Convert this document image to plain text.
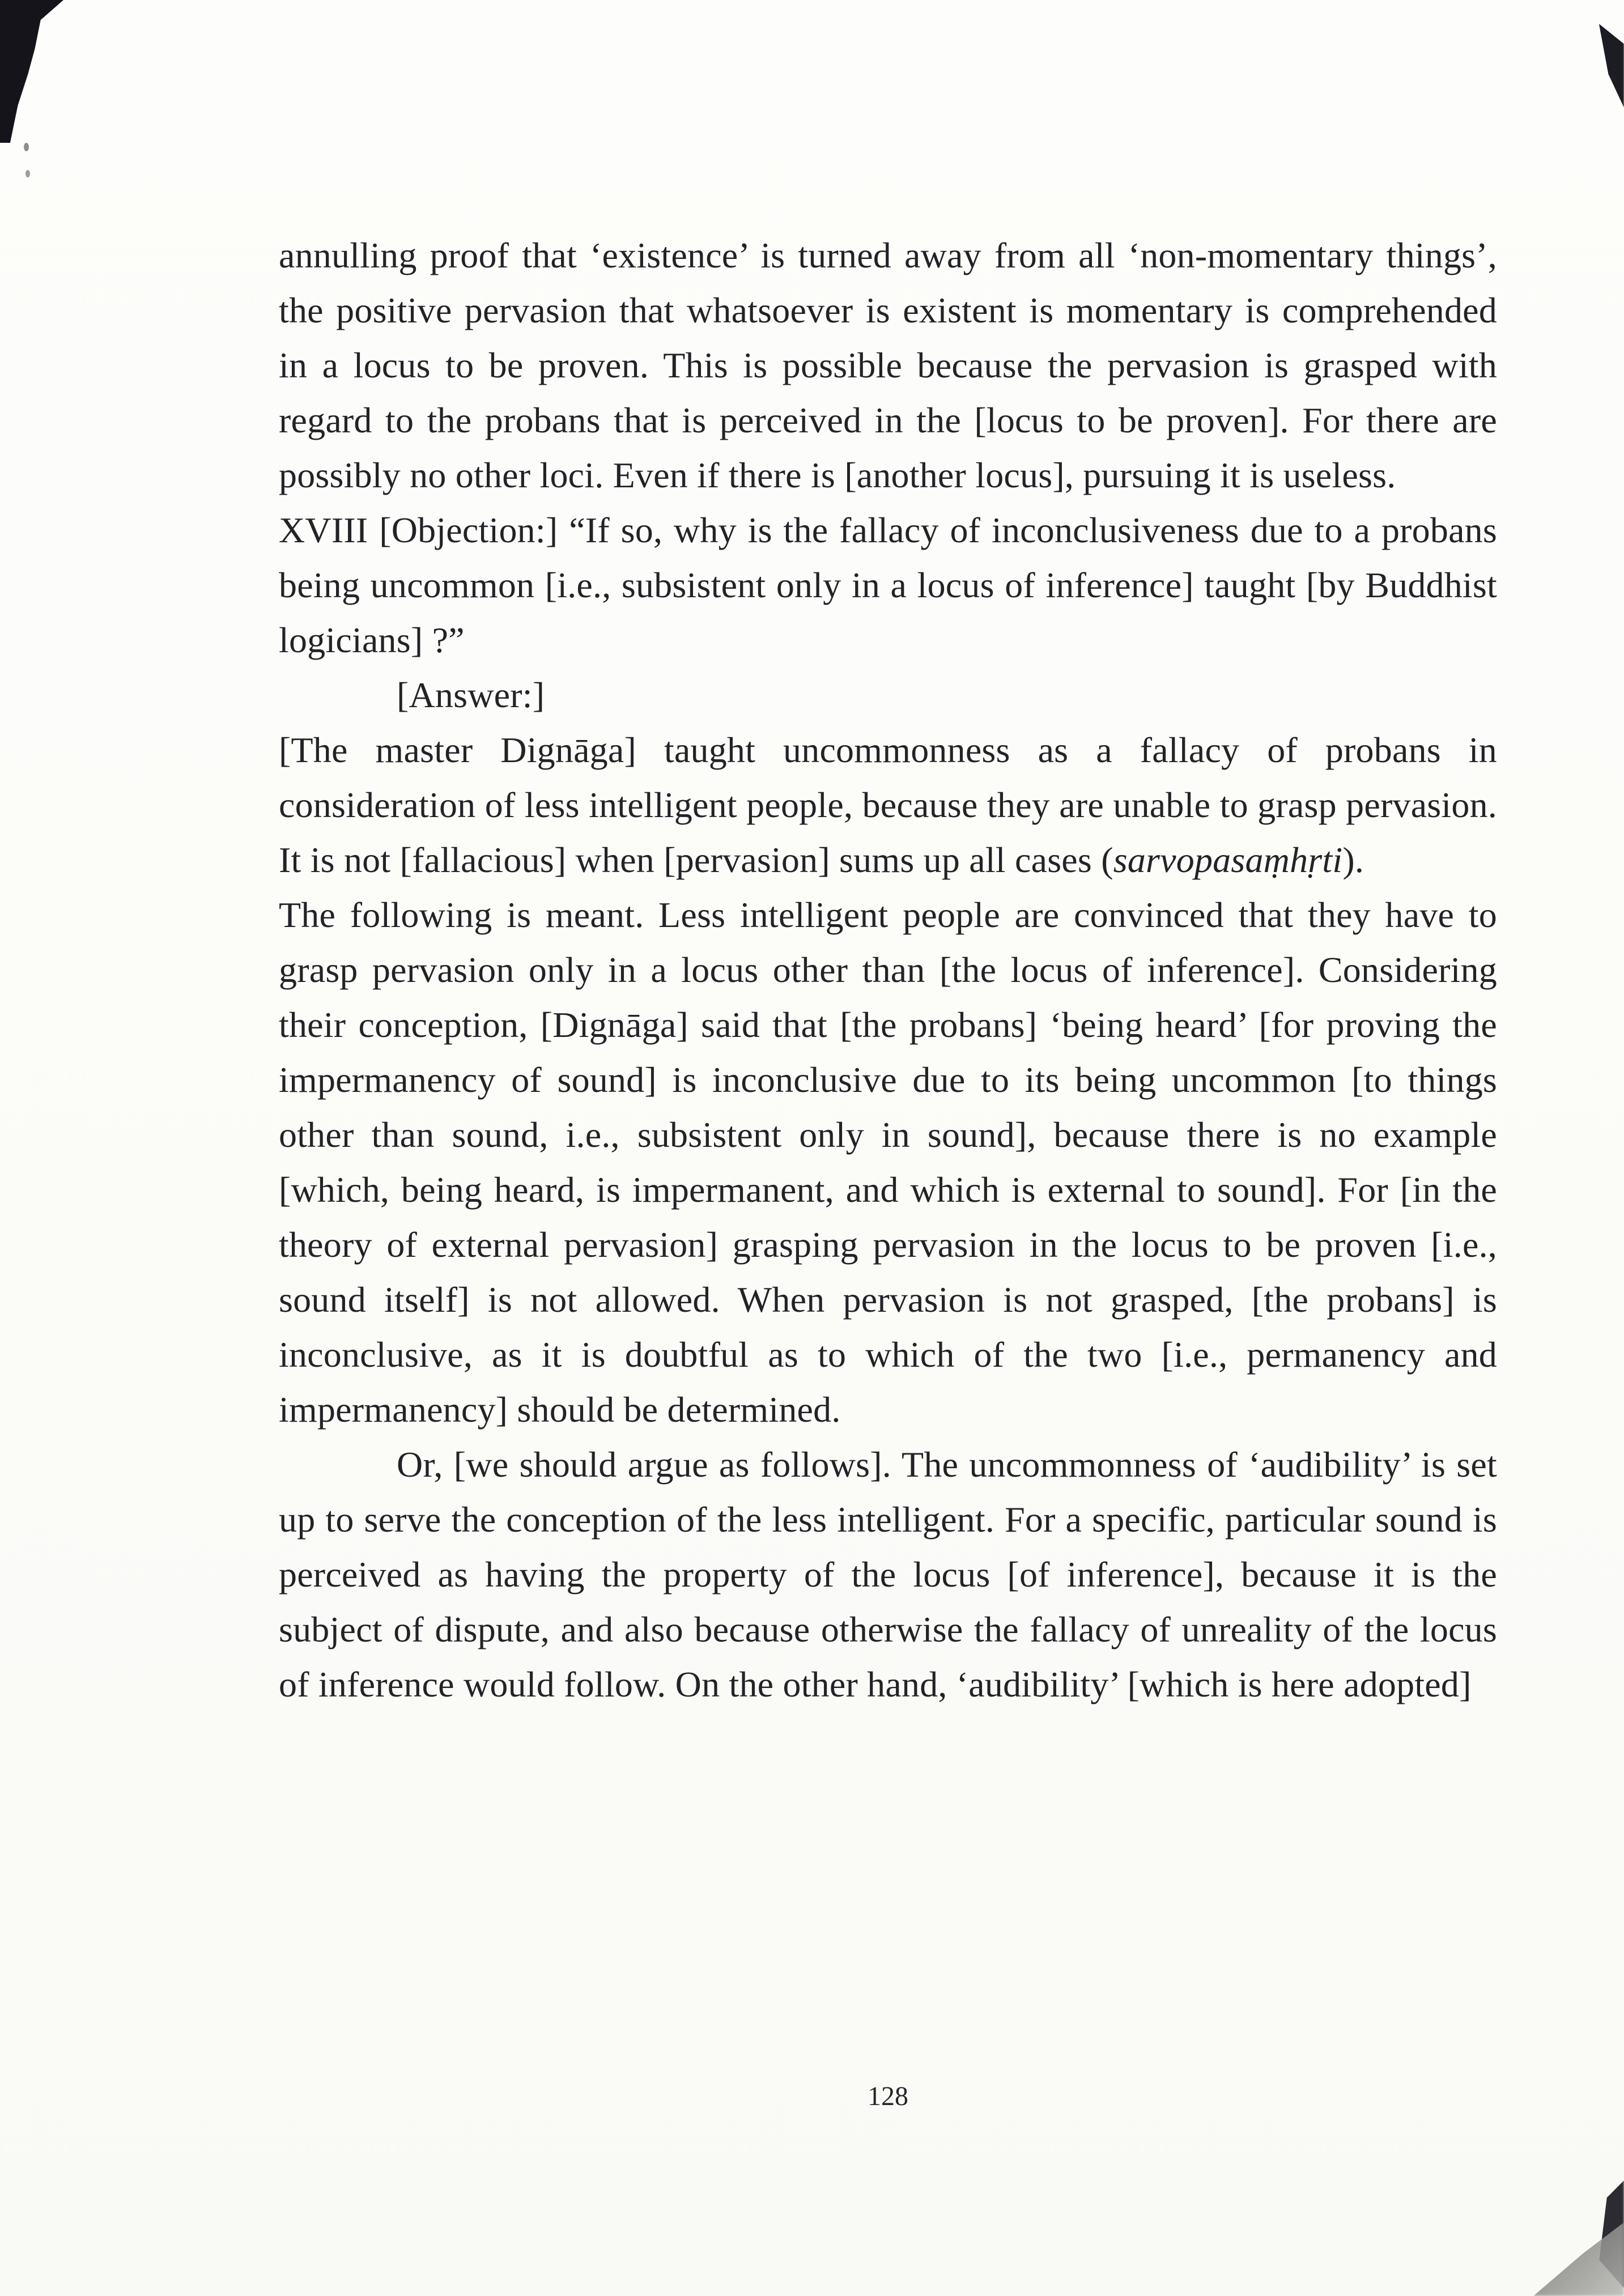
annulling proof that ‘existence’ is turned away from all ‘non-momentary things’, the positive pervasion that whatsoever is existent is momentary is comprehended in a locus to be proven. This is possible because the pervasion is grasped with regard to the probans that is perceived in the [locus to be proven]. For there are possibly no other loci. Even if there is [another locus], pursuing it is useless.

XVIII [Objection:] “If so, why is the fallacy of inconclusiveness due to a probans being uncommon [i.e., subsistent only in a locus of inference] taught [by Buddhist logicians] ?”

[Answer:]

[The master Dignāga] taught uncommonness as a fallacy of probans in consideration of less intelligent people, because they are unable to grasp pervasion. It is not [fallacious] when [pervasion] sums up all cases (sarvopasaṃhṛti).

The following is meant. Less intelligent people are convinced that they have to grasp pervasion only in a locus other than [the locus of inference]. Considering their conception, [Dignāga] said that [the probans] ‘being heard’ [for proving the impermanency of sound] is inconclusive due to its being uncommon [to things other than sound, i.e., subsistent only in sound], because there is no example [which, being heard, is impermanent, and which is external to sound]. For [in the theory of external pervasion] grasping pervasion in the locus to be proven [i.e., sound itself] is not allowed. When pervasion is not grasped, [the probans] is inconclusive, as it is doubtful as to which of the two [i.e., permanency and impermanency] should be determined.

Or, [we should argue as follows]. The uncommonness of ‘audibility’ is set up to serve the conception of the less intelligent. For a specific, particular sound is perceived as having the property of the locus [of inference], because it is the subject of dispute, and also because otherwise the fallacy of unreality of the locus of inference would follow. On the other hand, ‘audibility’ [which is here adopted]

128
